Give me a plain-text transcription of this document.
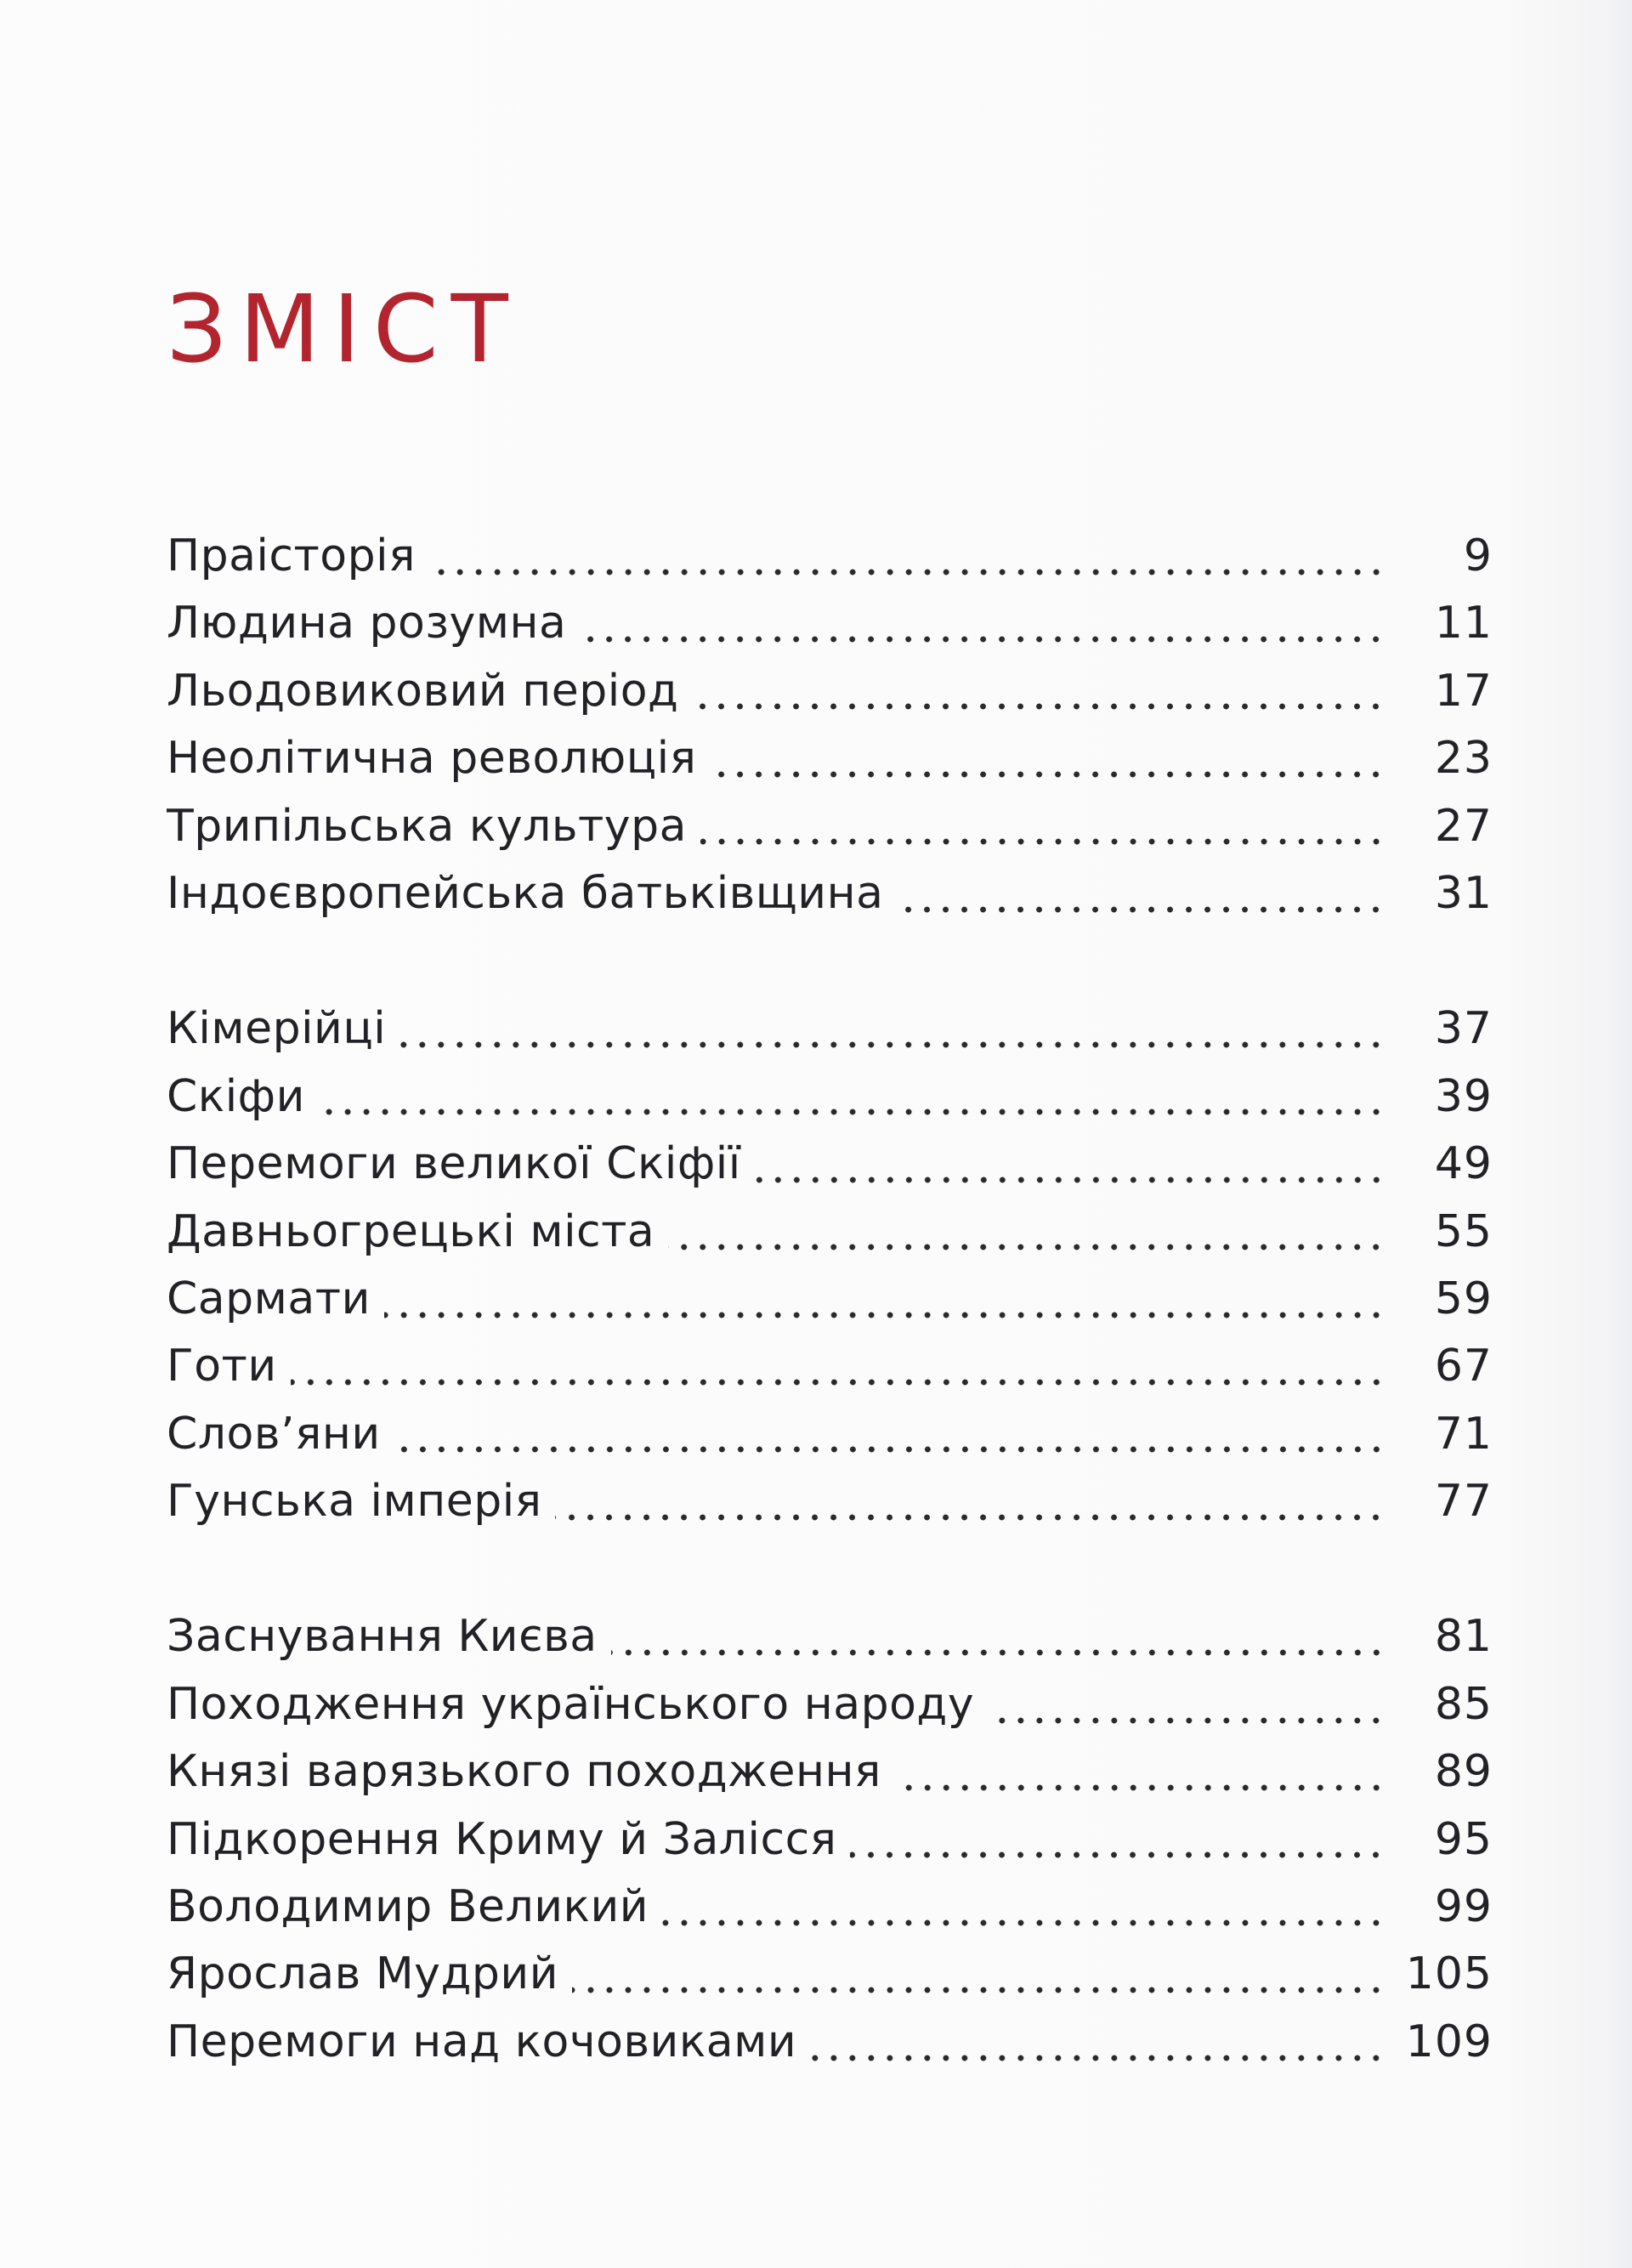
ЗМІСТ
Праісторія	9
Людина розумна	11
Льодовиковий період	17
Неолітична революція	23
Трипільська культура	27
Індоєвропейська батьківщина	31
Кімерійці	37
Скіфи	39
Перемоги великої Скіфії	49
Давньогрецькі міста	55
Сармати	59
Готи	67
Слов’яни	71
Гунська імперія	77
Заснування Києва	81
Походження українського народу	85
Князі варязького походження	89
Підкорення Криму й Залісся	95
Володимир Великий	99
Ярослав Мудрий	105
Перемоги над кочовиками	109
